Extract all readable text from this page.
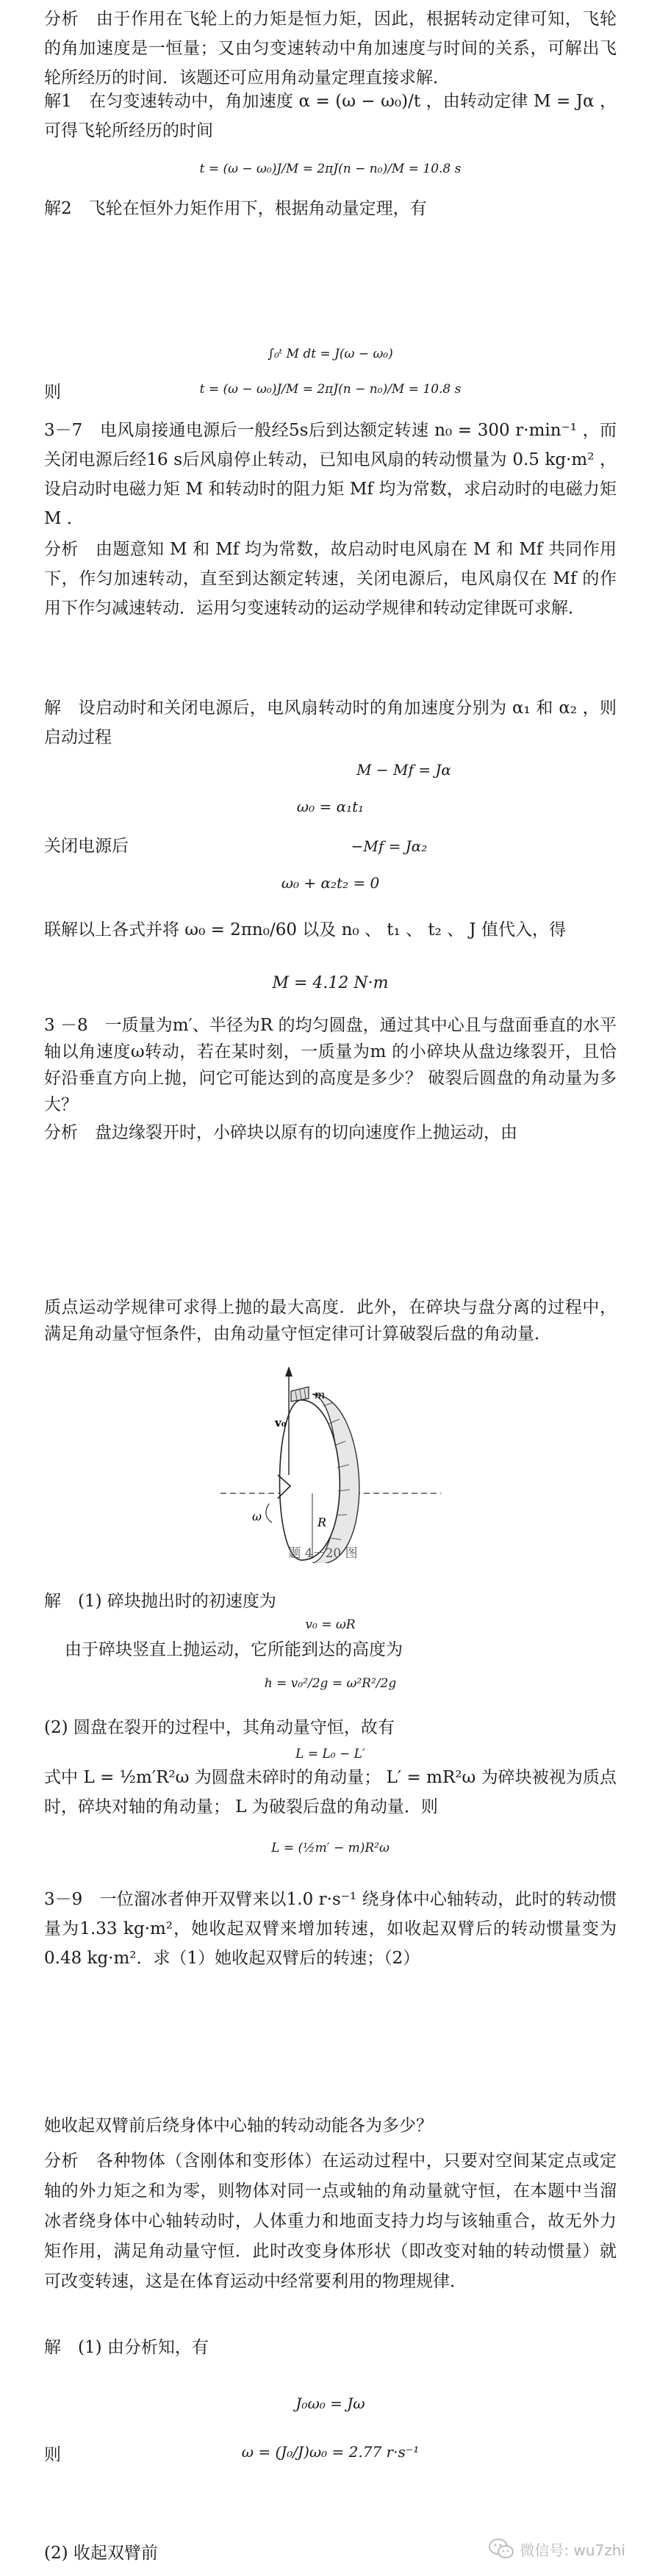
分析　由于作用在飞轮上的力矩是恒力矩，因此，根据转动定律可知，飞轮的角加速度是一恒量；又由匀变速转动中角加速度与时间的关系，可解出飞轮所经历的时间．该题还可应用角动量定理直接求解．

解1　在匀变速转动中，角加速度 α = (ω − ω₀)/t ，由转动定律 M = Jα ，可得飞轮所经历的时间

t = (ω − ω₀)J/M = 2πJ(n − n₀)/M = 10.8 s

解2　飞轮在恒外力矩作用下，根据角动量定理，有

∫₀ᵗ M dt = J(ω − ω₀)
则	t = (ω − ω₀)J/M = 2πJ(n − n₀)/M = 10.8 s

3－7　电风扇接通电源后一般经5s后到达额定转速 n₀ = 300 r·min⁻¹ ，而关闭电源后经16 s后风扇停止转动，已知电风扇的转动惯量为 0.5 kg·m² ，设启动时电磁力矩 M 和转动时的阻力矩 Mf 均为常数，求启动时的电磁力矩 M ．

分析　由题意知 M 和 Mf 均为常数，故启动时电风扇在 M 和 Mf 共同作用下，作匀加速转动，直至到达额定转速，关闭电源后，电风扇仅在 Mf 的作用下作匀减速转动．运用匀变速转动的运动学规律和转动定律既可求解．

解　设启动时和关闭电源后，电风扇转动时的角加速度分别为 α₁ 和 α₂ ，则启动过程

M − Mf = Jα
ω₀ = α₁t₁
关闭电源后	−Mf = Jα₂
ω₀ + α₂t₂ = 0

联解以上各式并将 ω₀ = 2πn₀/60 以及 n₀ 、 t₁ 、 t₂ 、 J 值代入，得

M = 4.12 N·m

3 －8　一质量为m′、半径为R 的均匀圆盘，通过其中心且与盘面垂直的水平轴以角速度ω转动，若在某时刻，一质量为m 的小碎块从盘边缘裂开，且恰好沿垂直方向上抛，问它可能达到的高度是多少？ 破裂后圆盘的角动量为多大？

分析　盘边缘裂开时，小碎块以原有的切向速度作上抛运动，由

质点运动学规律可求得上抛的最大高度．此外，在碎块与盘分离的过程中，满足角动量守恒条件，由角动量守恒定律可计算破裂后盘的角动量．

R
ω
v₀
m
题 4－20 图

解　(1) 碎块抛出时的初速度为

v₀ = ωR

由于碎块竖直上抛运动，它所能到达的高度为

h = v₀²/2g = ω²R²/2g

(2) 圆盘在裂开的过程中，其角动量守恒，故有

L = L₀ − L′

式中 L = ½m′R²ω 为圆盘未碎时的角动量； L′ = mR²ω 为碎块被视为质点时，碎块对轴的角动量； L 为破裂后盘的角动量．则

L = (½m′ − m)R²ω

3－9　一位溜冰者伸开双臂来以1.0 r·s⁻¹ 绕身体中心轴转动，此时的转动惯量为1.33 kg·m²，她收起双臂来增加转速，如收起双臂后的转动惯量变为0.48 kg·m²．求（1）她收起双臂后的转速；（2）

她收起双臂前后绕身体中心轴的转动动能各为多少？

分析　各种物体（含刚体和变形体）在运动过程中，只要对空间某定点或定轴的外力矩之和为零，则物体对同一点或轴的角动量就守恒，在本题中当溜冰者绕身体中心轴转动时，人体重力和地面支持力均与该轴重合，故无外力矩作用，满足角动量守恒．此时改变身体形状（即改变对轴的转动惯量）就可改变转速，这是在体育运动中经常要利用的物理规律．

解　(1) 由分析知，有

J₀ω₀ = Jω
则	ω = (J₀/J)ω₀ = 2.77 r·s⁻¹

(2) 收起双臂前	微信号: wu7zhi
